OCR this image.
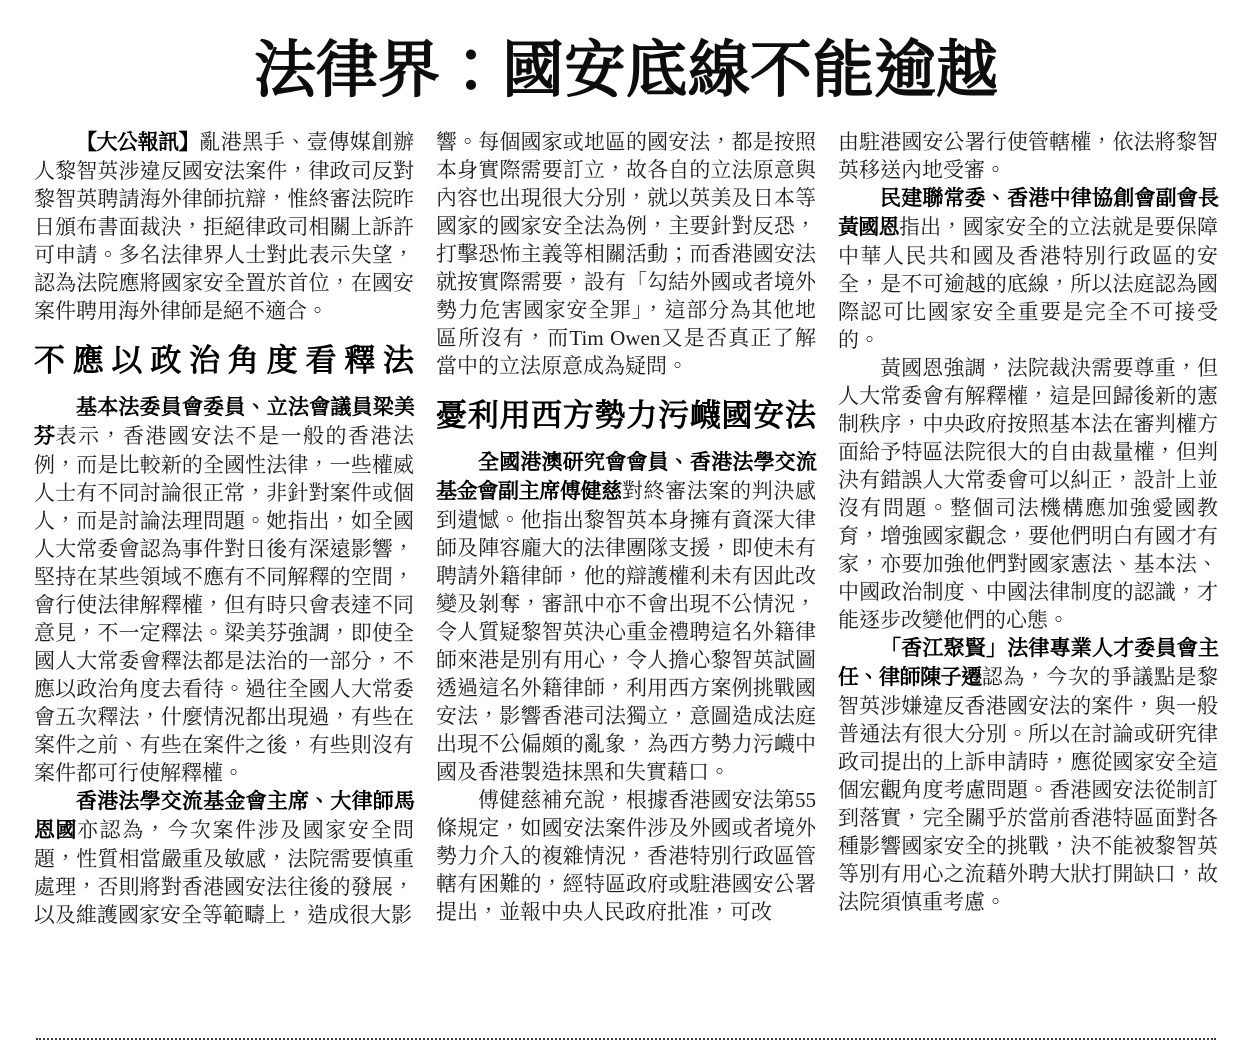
法律界：國安底線不能逾越

【大公報訊】亂港黑手、壹傳媒創辦人黎智英涉違反國安法案件，律政司反對黎智英聘請海外律師抗辯，惟終審法院昨日頒布書面裁決，拒絕律政司相關上訴許可申請。多名法律界人士對此表示失望，認為法院應將國家安全置於首位，在國安案件聘用海外律師是絕不適合。

不應以政治角度看釋法

基本法委員會委員、立法會議員梁美芬表示，香港國安法不是一般的香港法例，而是比較新的全國性法律，一些權威人士有不同討論很正常，非針對案件或個人，而是討論法理問題。她指出，如全國人大常委會認為事件對日後有深遠影響，堅持在某些領域不應有不同解釋的空間，會行使法律解釋權，但有時只會表達不同意見，不一定釋法。梁美芬強調，即使全國人大常委會釋法都是法治的一部分，不應以政治角度去看待。過往全國人大常委會五次釋法，什麼情況都出現過，有些在案件之前、有些在案件之後，有些則沒有案件都可行使解釋權。

香港法學交流基金會主席、大律師馬恩國亦認為，今次案件涉及國家安全問題，性質相當嚴重及敏感，法院需要慎重處理，否則將對香港國安法往後的發展，以及維護國家安全等範疇上，造成很大影

響。每個國家或地區的國安法，都是按照本身實際需要訂立，故各自的立法原意與內容也出現很大分別，就以英美及日本等國家的國家安全法為例，主要針對反恐，打擊恐怖主義等相關活動；而香港國安法就按實際需要，設有「勾結外國或者境外勢力危害國家安全罪」，這部分為其他地區所沒有，而Tim Owen又是否真正了解當中的立法原意成為疑問。

憂利用西方勢力污衊國安法

全國港澳研究會會員、香港法學交流基金會副主席傅健慈對終審法案的判決感到遺憾。他指出黎智英本身擁有資深大律師及陣容龐大的法律團隊支援，即使未有聘請外籍律師，他的辯護權利未有因此改變及剝奪，審訊中亦不會出現不公情況，令人質疑黎智英決心重金禮聘這名外籍律師來港是別有用心，令人擔心黎智英試圖透過這名外籍律師，利用西方案例挑戰國安法，影響香港司法獨立，意圖造成法庭出現不公偏頗的亂象，為西方勢力污衊中國及香港製造抹黑和失實藉口。

傅健慈補充說，根據香港國安法第55條規定，如國安法案件涉及外國或者境外勢力介入的複雜情況，香港特別行政區管轄有困難的，經特區政府或駐港國安公署提出，並報中央人民政府批准，可改

由駐港國安公署行使管轄權，依法將黎智英移送內地受審。

民建聯常委、香港中律協創會副會長黃國恩指出，國家安全的立法就是要保障中華人民共和國及香港特別行政區的安全，是不可逾越的底線，所以法庭認為國際認可比國家安全重要是完全不可接受的。

黃國恩強調，法院裁決需要尊重，但人大常委會有解釋權，這是回歸後新的憲制秩序，中央政府按照基本法在審判權方面給予特區法院很大的自由裁量權，但判決有錯誤人大常委會可以糾正，設計上並沒有問題。整個司法機構應加強愛國教育，增強國家觀念，要他們明白有國才有家，亦要加強他們對國家憲法、基本法、中國政治制度、中國法律制度的認識，才能逐步改變他們的心態。

「香江聚賢」法律專業人才委員會主任、律師陳子遷認為，今次的爭議點是黎智英涉嫌違反香港國安法的案件，與一般普通法有很大分別。所以在討論或研究律政司提出的上訴申請時，應從國家安全這個宏觀角度考慮問題。香港國安法從制訂到落實，完全關乎於當前香港特區面對各種影響國家安全的挑戰，決不能被黎智英等別有用心之流藉外聘大狀打開缺口，故法院須慎重考慮。
